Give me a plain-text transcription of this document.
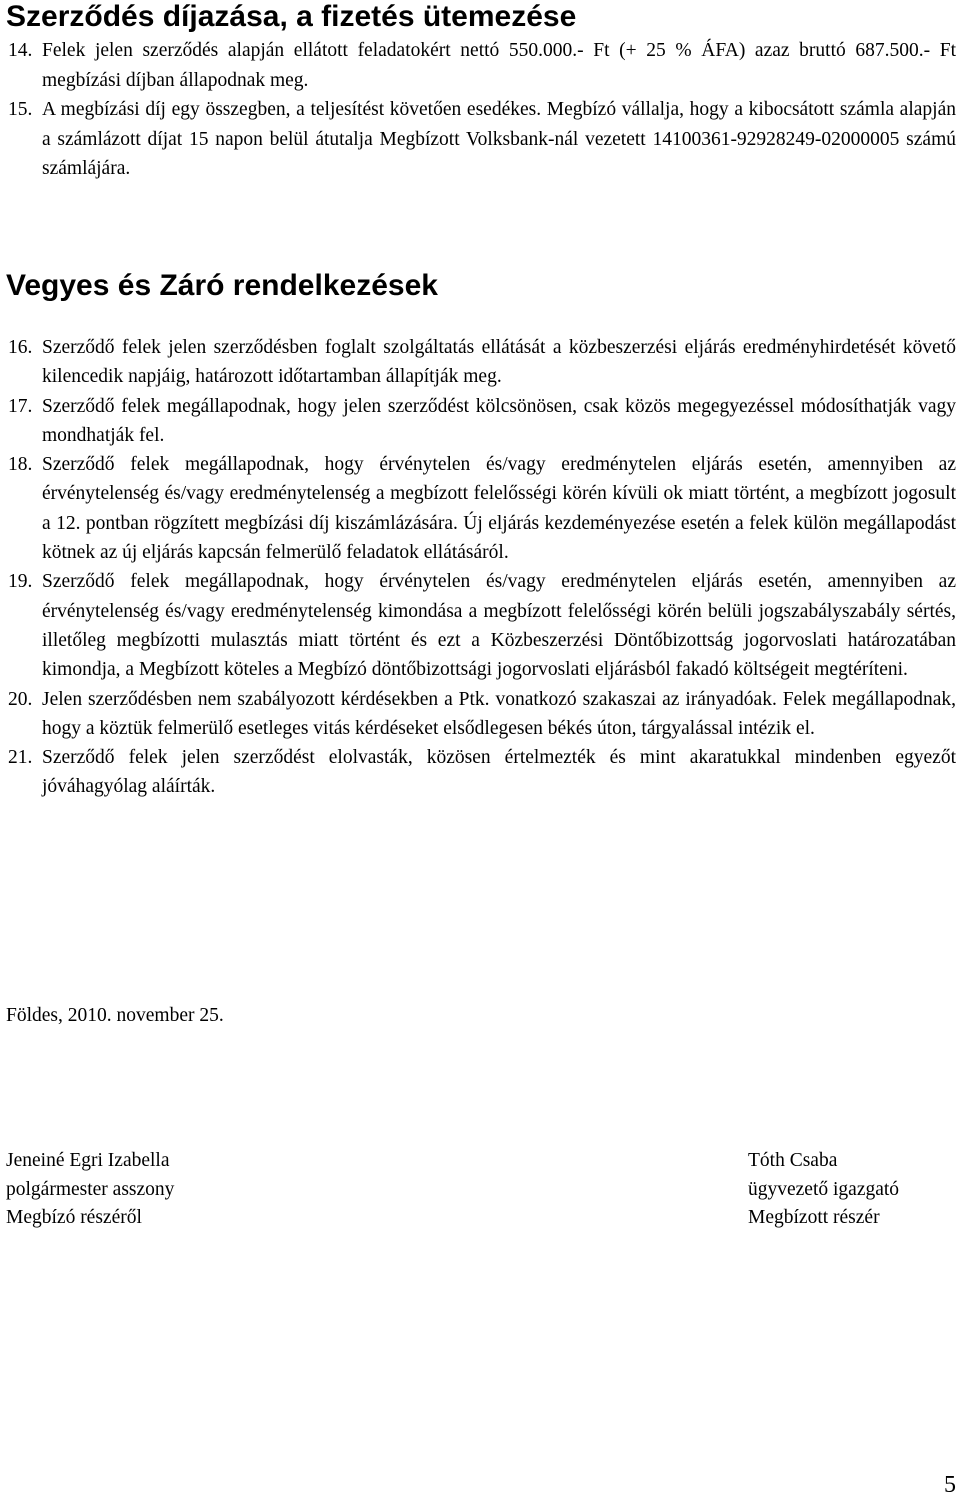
Szerződés díjazása, a fizetés ütemezése
14. Felek jelen szerződés alapján ellátott feladatokért nettó 550.000.- Ft (+ 25 % ÁFA) azaz bruttó 687.500.- Ft megbízási díjban állapodnak meg.
15. A megbízási díj egy összegben, a teljesítést követően esedékes. Megbízó vállalja, hogy a kibocsátott számla alapján a számlázott díjat 15 napon belül átutalja Megbízott Volksbank-nál vezetett 14100361-92928249-02000005 számú számlájára.
Vegyes és Záró rendelkezések
16. Szerződő felek jelen szerződésben foglalt szolgáltatás ellátását a közbeszerzési eljárás eredményhirdetését követő kilencedik napjáig, határozott időtartamban állapítják meg.
17. Szerződő felek megállapodnak, hogy jelen szerződést kölcsönösen, csak közös megegyezéssel módosíthatják vagy mondhatják fel.
18. Szerződő felek megállapodnak, hogy érvénytelen és/vagy eredménytelen eljárás esetén, amennyiben az érvénytelenség és/vagy eredménytelenség a megbízott felelősségi körén kívüli ok miatt történt, a megbízott jogosult a 12. pontban rögzített megbízási díj kiszámlázására. Új eljárás kezdeményezése esetén a felek külön megállapodást kötnek az új eljárás kapcsán felmerülő feladatok ellátásáról.
19. Szerződő felek megállapodnak, hogy érvénytelen és/vagy eredménytelen eljárás esetén, amennyiben az érvénytelenség és/vagy eredménytelenség kimondása a megbízott felelősségi körén belüli jogszabályszabály sértés, illetőleg megbízotti mulasztás miatt történt és ezt a Közbeszerzési Döntőbizottság jogorvoslati határozatában kimondja, a Megbízott köteles a Megbízó döntőbizottsági jogorvoslati eljárásból fakadó költségeit megtéríteni.
20. Jelen szerződésben nem szabályozott kérdésekben a Ptk. vonatkozó szakaszai az irányadóak. Felek megállapodnak, hogy a köztük felmerülő esetleges vitás kérdéseket elsődlegesen békés úton, tárgyalással intézik el.
21. Szerződő felek jelen szerződést elolvasták, közösen értelmezték és mint akaratukkal mindenben egyezőt jóváhagyólag aláírták.
Földes, 2010. november 25.
Jeneiné Egri Izabella
polgármester asszony
Megbízó részéről
Tóth Csaba
ügyvezető igazgató
Megbízott részér
5
